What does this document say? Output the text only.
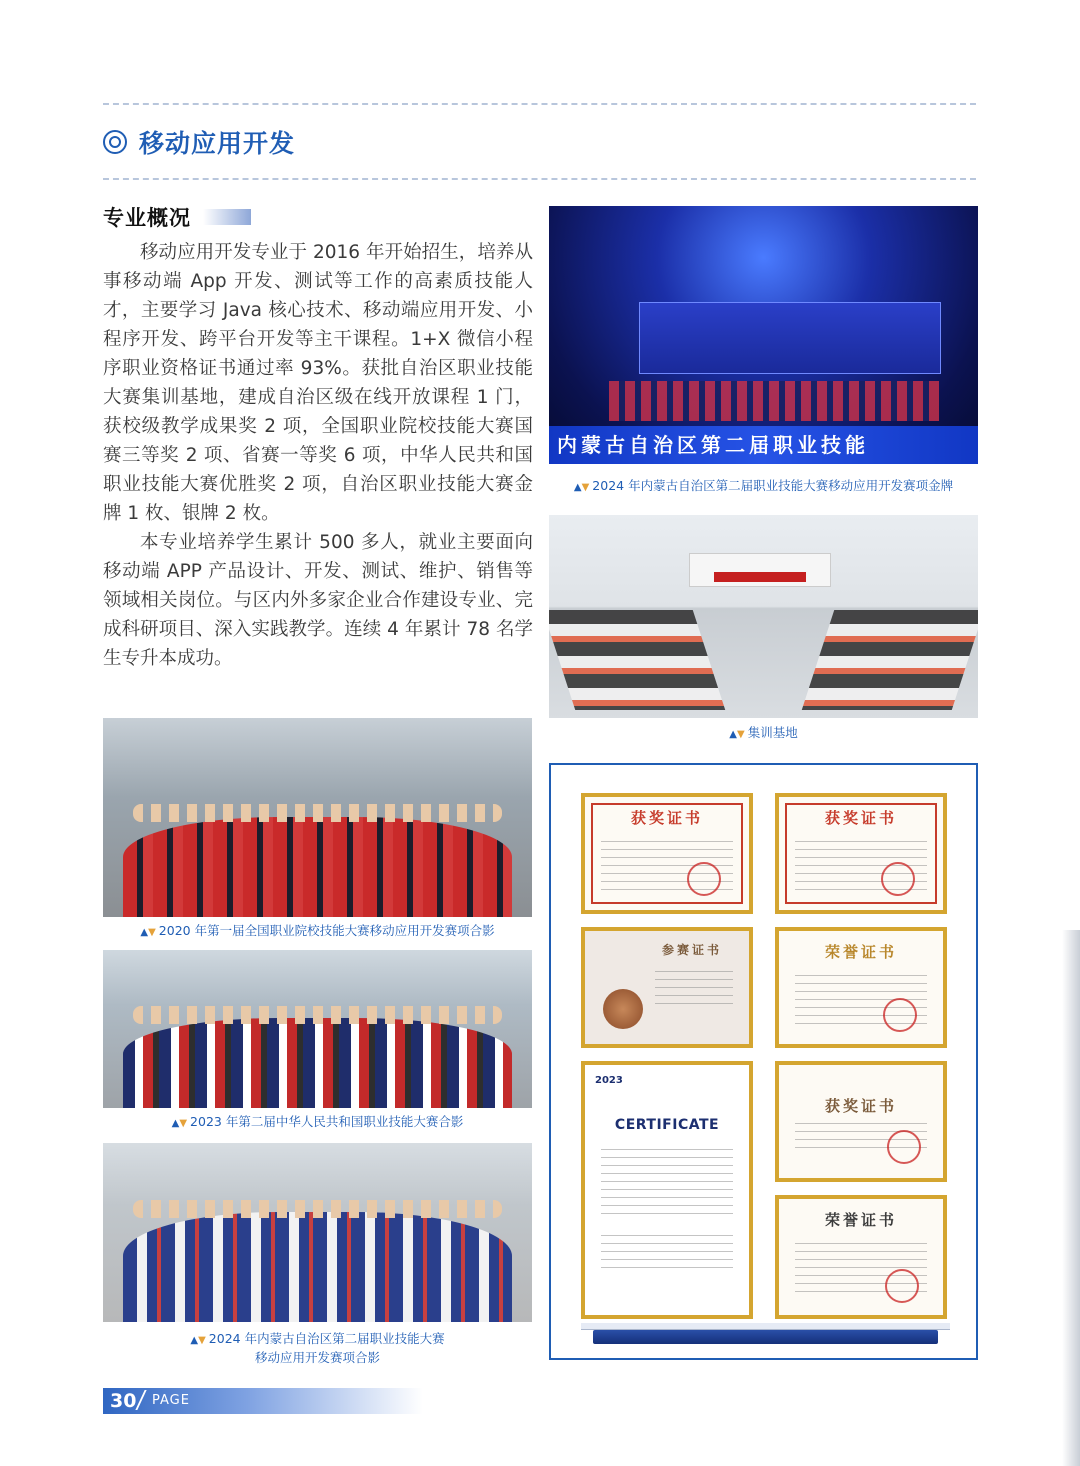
移动应用开发
专业概况

移动应用开发专业于 2016 年开始招生，培养从事移动端 App 开发、测试等工作的高素质技能人才，主要学习 Java 核心技术、移动端应用开发、小程序开发、跨平台开发等主干课程。1+X 微信小程序职业资格证书通过率 93%。获批自治区职业技能大赛集训基地，建成自治区级在线开放课程 1 门，获校级教学成果奖 2 项，全国职业院校技能大赛国赛三等奖 2 项、省赛一等奖 6 项，中华人民共和国职业技能大赛优胜奖 2 项，自治区职业技能大赛金牌 1 枚、银牌 2 枚。

本专业培养学生累计 500 多人，就业主要面向移动端 APP 产品设计、开发、测试、维护、销售等领域相关岗位。与区内外多家企业合作建设专业、完成科研项目、深入实践教学。连续 4 年累计 78 名学生专升本成功。

内蒙古自治区第二届职业技能
▲▼ 2024 年内蒙古自治区第二届职业技能大赛移动应用开发赛项金牌
▲▼ 集训基地
▲▼ 2020 年第一届全国职业院校技能大赛移动应用开发赛项合影
▲▼ 2023 年第二届中华人民共和国职业技能大赛合影
▲▼ 2024 年内蒙古自治区第二届职业技能大赛
移动应用开发赛项合影
获奖证书	获奖证书
参赛证书	荣誉证书
2023
CERTIFICATE
获奖证书
荣誉证书
30 PAGE
